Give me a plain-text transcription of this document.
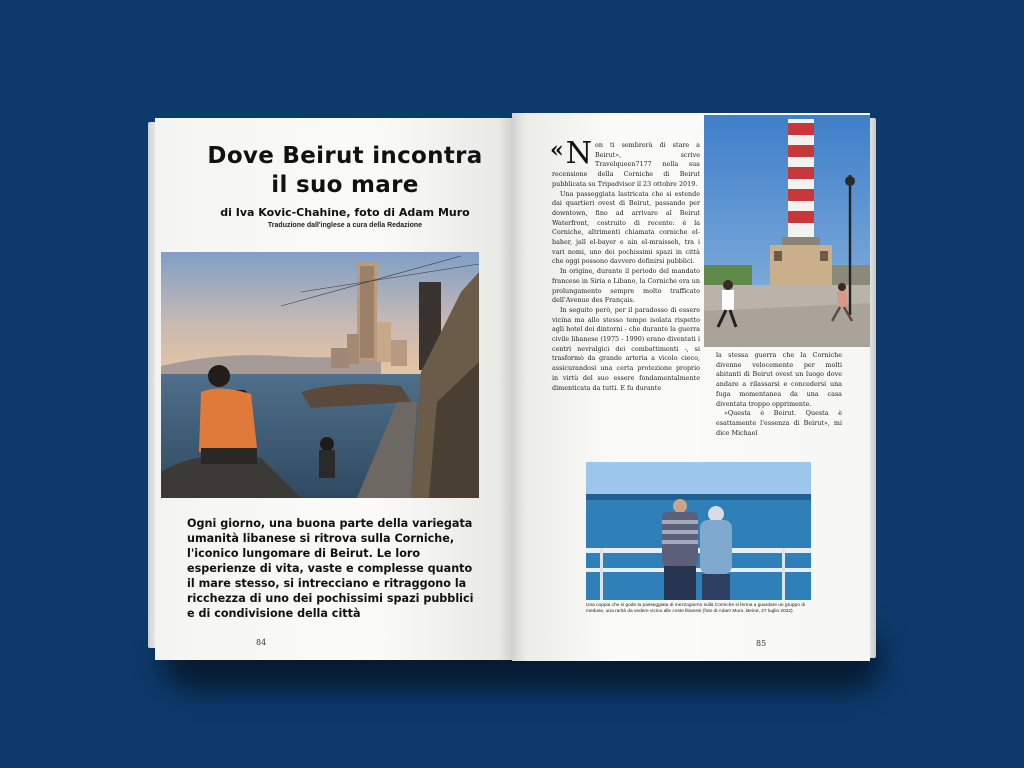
Dove Beirut incontra
il suo mare
di Iva Kovic-Chahine, foto di Adam Muro
Traduzione dall'inglese a cura della Redazione
Ogni giorno, una buona parte della variegata umanità libanese si ritrova sulla Corniche, l'iconico lungomare di Beirut. Le loro esperienze di vita, vaste e complesse quanto il mare stesso, si intrecciano e ritraggono la ricchezza di uno dei pochissimi spazi pubblici e di condivisione della città
84

« N on ti sembrerà di stare a Beirut», scrive Travelqueen7177 nella sua recensione della Corniche di Beirut pubblicata su Tripadvisor il 23 ottobre 2019.

Una passeggiata lastricata che si estende dai quartieri ovest di Beirut, passando per downtown, fino ad arrivare al Beirut Waterfront, costruito di recente: è la Corniche, altrimenti chiamata corniche el-baher, jall el-bayer e ain el-mraisseh, tra i vari nomi, uno dei pochissimi spazi in città che oggi possono davvero definirsi pubblici.

In origine, durante il periodo del mandato francese in Siria e Libano, la Corniche era un prolungamento sempre molto trafficato dell'Avenue des Français.

In seguito però, per il paradosso di essere vicina ma allo stesso tempo isolata rispetto agli hotel dei dintorni - che durante la guerra civile libanese (1975 - 1990) erano diventati i centri nevralgici dei combattimenti -, si trasformò da grande arteria a vicolo cieco, assicurandosi una certa protezione proprio in virtù del suo essere fondamentalmente dimenticata da tutti. E fu durante

la stessa guerra che la Corniche divenne velocemente per molti abitanti di Beirut ovest un luogo dove andare a rilassarsi e concedersi una fuga momentanea da una casa diventata troppo opprimente.

«Questa è Beirut. Questa è esattamente l'essenza di Beirut», mi dice Michael

Una coppia che si gode la passeggiata di mezzogiorno sulla Corniche si ferma a guardare un gruppo di meduse, una rarità da vedere vicino alle coste libanesi (foto di Adam Muro, Beirut, 27 luglio 2022)
85
